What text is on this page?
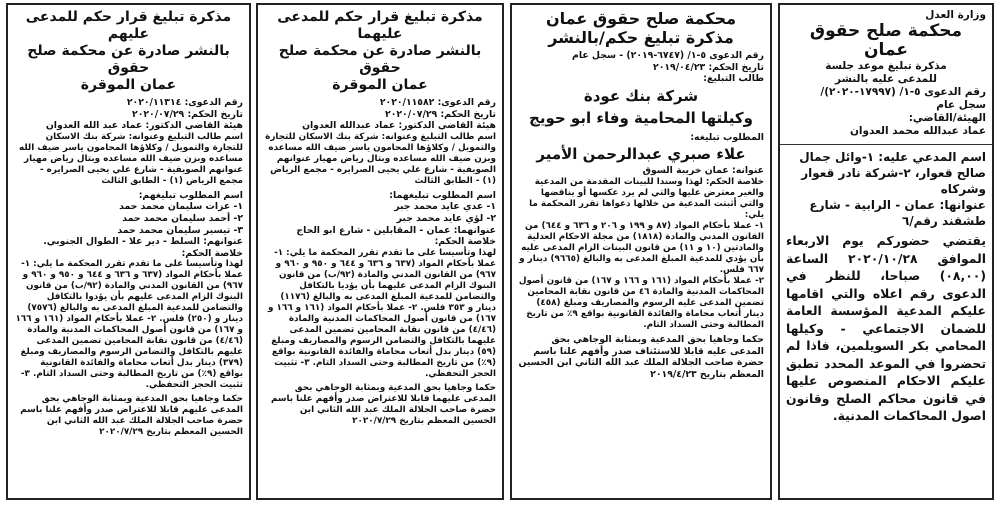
مذكرة تبليغ قرار حكم للمدعى عليهم
بالنشر صادرة عن محكمة صلح حقوق
عمان الموقرة
رقم الدعوى: ٢٠٢٠/١١٣١٤
تاريخ الحكم: ٢٠٢٠/٠٧/٢٩
هيئة القاضي الدكتور: عماد عبد الله العدوان

اسم طالب التبليغ وعنوانه: شركة بنك الاسكان للتجارة والتمويل / وكلاؤها المحامون ياسر ضيف الله مساعده وبزن ضيف الله مساعده وبتال رياض مهيار عنوانهم الصويفية - شارع علي يحيى الصرايره - مجمع الرياض (١) - الطابق الثالث

اسم المطلوب تبليغهم:
١- عزات سليمان محمد حمد
٢- أحمد سليمان محمد حمد
٣- تيسير سليمان محمد حمد
عنوانهم: السلط - دير علا - الطوال الجنوبي.
خلاصة الحكم:

لهذا وتأسيسا على ما تقدم تقرر المحكمة ما يلي: ١- عملا بأحكام المواد (٦٣٧ و ٦٣٦ و ٦٤٤ و ٩٥٠ و ٩٦٠ و ٩٦٧) من القانون المدني والمادة (٩٢/ب) من قانون البنوك الزام المدعى عليهم بأن يؤدوا بالتكافل والتضامن للمدعية المبلغ المدعى به والبالغ (٧٥٧٦) دينار و (٢٥٠) فلس. ٢- عملا بأحكام المواد (١٦١ و ١٦٦ و ١٦٧) من قانون أصول المحاكمات المدنية والمادة (٤/٤٦) من قانون نقابة المحامين تضمين المدعى عليهم بالتكافل والتضامن الرسوم والمصاريف ومبلغ (٣٧٩) دينار بدل أتعاب محاماة والفائدة القانونية بواقع (٩٪) من تاريخ المطالبة وحتى السداد التام. ٣- تثبيت الحجز التحفظي.

حكما وجاهيا بحق المدعية وبمثابة الوجاهي بحق المدعى عليهم قابلا للاعتراض صدر وأفهم علنا باسم حضرة صاحب الجلالة الملك عبد الله الثاني ابن الحسين المعظم بتاريخ ٢٠٢٠/٧/٢٩

مذكرة تبليغ قرار حكم للمدعى عليهما
بالنشر صادرة عن محكمة صلح حقوق
عمان الموقرة
رقم الدعوى: ٢٠٢٠/١١٥٨٢
تاريخ الحكم: ٢٠٢٠/٠٧/٢٩
هيئة القاضي الدكتور: عماد عبدالله العدوان

اسم طالب التبليغ وعنوانه: شركة بنك الاسكان للتجارة والتمويل / وكلاؤها المحامون ياسر ضيف الله مساعده وبزن ضيف الله مساعده وبتال رياض مهيار عنوانهم الصويفية - شارع علي يحيى الصرايره - مجمع الرياض (١) - الطابق الثالث

اسم المطلوب تبليغهما:
١- عدي عايد محمد جبر
٢- لؤي عايد محمد جبر
عنوانهما: عمان - المقابلين - شارع ابو الحاج
خلاصة الحكم:

لهذا وتأسيسا على ما تقدم تقرر المحكمة ما يلي: ١- عملا بأحكام المواد (٦٣٧ و ٦٣٦ و ٦٤٤ و ٩٥٠ و ٩٦٠ و ٩٦٧) من القانون المدني والمادة (٩٢/ب) من قانون البنوك الزام المدعى عليهما بأن يؤديا بالتكافل والتضامن للمدعية المبلغ المدعى به والبالغ (١١٧٦) دينار و ٣٥٣ فلس. ٢- عملا بأحكام المواد (١٦١ و ١٦٦ و ١٦٧) من قانون أصول المحاكمات المدنية والمادة (٤/٤٦) من قانون نقابة المحامين تضمين المدعى عليهما بالتكافل والتضامن الرسوم والمصاريف ومبلغ (٥٩) دينار بدل أتعاب محاماة والفائدة القانونية بواقع (٩٪) من تاريخ المطالبة وحتى السداد التام. ٣- تثبيت الحجز التحفظي.

حكما وجاهيا بحق المدعية وبمثابة الوجاهي بحق المدعى عليهما قابلا للاعتراض صدر وأفهم علنا باسم حضرة صاحب الجلالة الملك عبد الله الثاني ابن الحسين المعظم بتاريخ ٢٠٢٠/٧/٢٩

محكمة صلح حقوق عمان
مذكرة تبليغ حكم/بالنشر
رقم الدعوى ٥-١/ (٦٧٤٧-٢٠١٩) - سجل عام
تاريخ الحكم: ٢٠١٩/٠٤/٢٣
طالب التبليغ:
شركة بنك عودة
وكيلتها المحامية وفاء ابو حويج
المطلوب تبليغه:
علاء صبري عبدالرحمن الأمير
عنوانه: عمان خريبة السوق

خلاصة الحكم: لهذا وسندا للبينات المقدمة من المدعية والغير معترض عليها والتي لم يرد عكسها أو يناقضها والتي أثبتت المدعية من خلالها دعواها تقرر المحكمة ما يلي:

١- عملا بأحكام المواد (٨٧ و ١٩٩ و ٢٠٦ و ٦٣٦ و ٦٤٤) من القانون المدني والمادة (١٨١٨) من مجلة الاحكام العدلية والمادتين (١٠ و ١١) من قانون البينات الزام المدعى عليه بأن يؤدي للمدعية المبلغ المدعى به والبالغ (٩٦٦٥) دينار و ٦٦٧ فلس.

٢- عملا بأحكام المواد (١٦١ و ١٦٦ و ١٦٧) من قانون أصول المحاكمات المدنية والمادة ٤٦ من قانون نقابة المحامين تضمين المدعى عليه الرسوم والمصاريف ومبلغ (٤٥٨) دينار أتعاب محاماة والفائدة القانونية بواقع ٩٪ من تاريخ المطالبة وحتى السداد التام.

حكما وجاهيا بحق المدعية وبمثابة الوجاهي بحق المدعى عليه قابلا للاستئناف صدر وأفهم علنا باسم حضرة صاحب الجلالة الملك عبد الله الثاني ابن الحسين المعظم بتاريخ ٢٠١٩/٤/٢٣

وزارة العدل
محكمة صلح حقوق عمان
مذكرة تبليغ موعد جلسة
للمدعى عليه بالنشر
رقم الدعوى ٥-١/ (١٧٩٩٧-٢٠٢٠)/
سجل عام
الهيئة/القاضي:
عماد عبدالله محمد العدوان

اسم المدعي عليه: ١-وائل جمال صالح قعوار، ٢-شركة نادر قعوار وشركاه

عنوانها: عمان - الرابية - شارع طشقند رقم/٦

يقتضي حضوركم يوم الاربعاء الموافق ٢٠٢٠/١٠/٢٨ الساعة (٠٨,٠٠) صباحا، للنظر في الدعوى رقم اعلاه والتي اقامها عليكم المدعية المؤسسة العامة للضمان الاجتماعي - وكيلها المحامي بكر السويلمين، فاذا لم تحضروا في الموعد المحدد تطبق عليكم الاحكام المنصوص عليها في قانون محاكم الصلح وقانون اصول المحاكمات المدنية.
